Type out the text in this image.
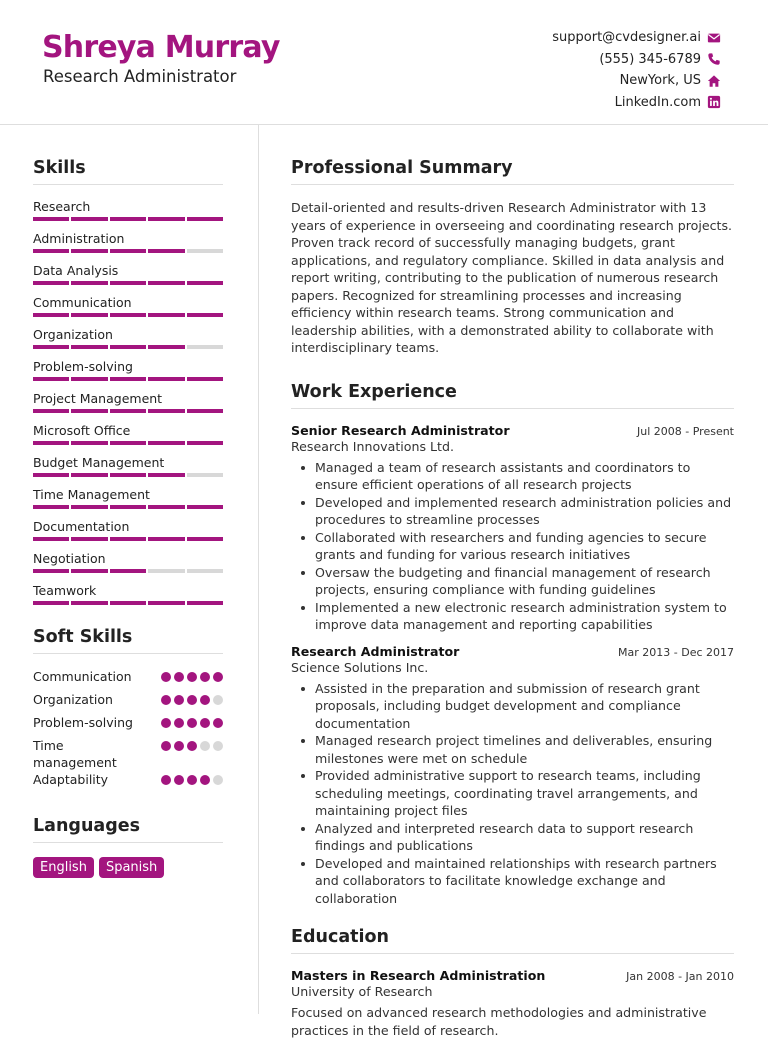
Shreya Murray
Research Administrator
support@cvdesigner.ai
(555) 345-6789
NewYork, US
LinkedIn.com
Skills
Research
Administration
Data Analysis
Communication
Organization
Problem-solving
Project Management
Microsoft Office
Budget Management
Time Management
Documentation
Negotiation
Teamwork
Soft Skills
Communication
Organization
Problem-solving
Time management
Adaptability
Languages
English	Spanish
Professional Summary
Detail-oriented and results-driven Research Administrator with 13 years of experience in overseeing and coordinating research projects. Proven track record of successfully managing budgets, grant applications, and regulatory compliance. Skilled in data analysis and report writing, contributing to the publication of numerous research papers. Recognized for streamlining processes and increasing efficiency within research teams. Strong communication and leadership abilities, with a demonstrated ability to collaborate with interdisciplinary teams.
Work Experience
Senior Research Administrator	Jul 2008 - Present
Research Innovations Ltd.
Managed a team of research assistants and coordinators to ensure efficient operations of all research projects
Developed and implemented research administration policies and procedures to streamline processes
Collaborated with researchers and funding agencies to secure grants and funding for various research initiatives
Oversaw the budgeting and financial management of research projects, ensuring compliance with funding guidelines
Implemented a new electronic research administration system to improve data management and reporting capabilities
Research Administrator	Mar 2013 - Dec 2017
Science Solutions Inc.
Assisted in the preparation and submission of research grant proposals, including budget development and compliance documentation
Managed research project timelines and deliverables, ensuring milestones were met on schedule
Provided administrative support to research teams, including scheduling meetings, coordinating travel arrangements, and maintaining project files
Analyzed and interpreted research data to support research findings and publications
Developed and maintained relationships with research partners and collaborators to facilitate knowledge exchange and collaboration
Education
Masters in Research Administration	Jan 2008 - Jan 2010
University of Research
Focused on advanced research methodologies and administrative practices in the field of research.
